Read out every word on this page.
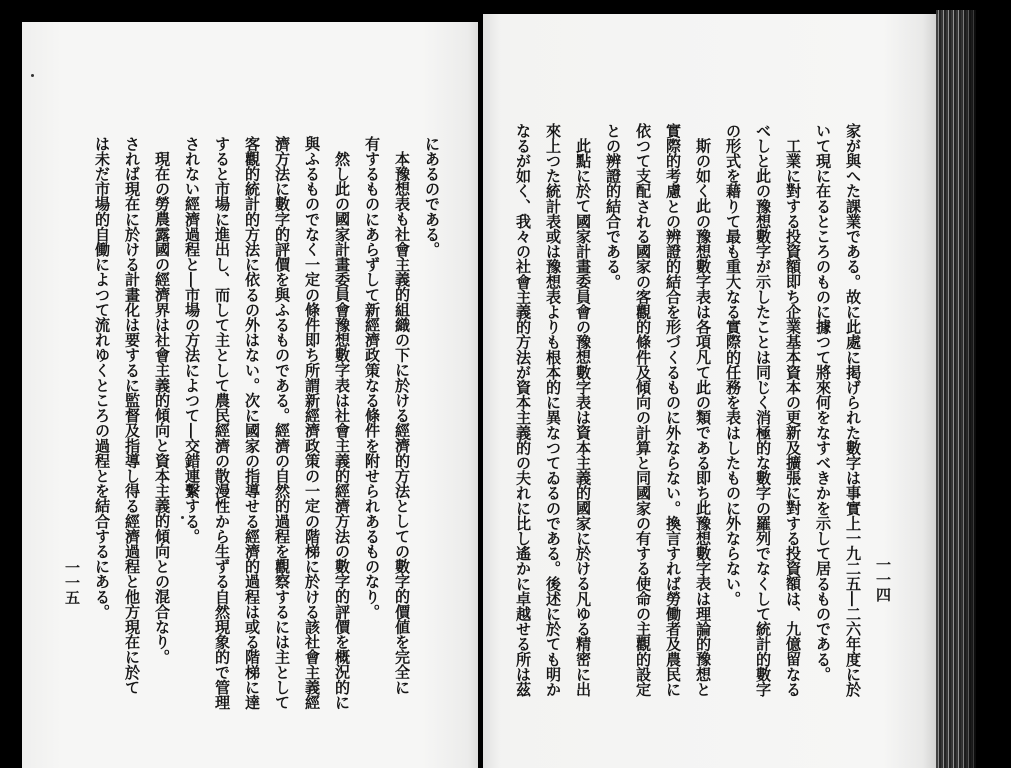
一一四
家が與へた課業である。故に此處に掲げられた數字は事實上一九二五―二六年度に於
いて現に在るところのものに據つて將來何をなすべきかを示して居るものである。
工業に對する投資額即ち企業基本資本の更新及擴張に對する投資額は、九億留なる
べしと此の豫想數字が示したことは同じく消極的な數字の羅列でなくして統計的數字
の形式を藉りて最も重大なる實際的任務を表はしたものに外ならない。
斯の如く此の豫想數字表は各項凡て此の類である即ち此豫想數字表は理論的豫想と
實際的考慮との辨證的結合を形づくるものに外ならない。換言すれば勞働者及農民に
依つて支配される國家の客觀的條件及傾向の計算と同國家の有する使命の主觀的設定
との辨證的結合である。
此點に於て國家計畫委員會の豫想數字表は資本主義的國家に於ける凡ゆる精密に出
來上つた統計表或は豫想表よりも根本的に異なつてゐるのである。後述に於ても明か
なるが如く、我々の社會主義的方法が資本主義的の夫れに比し遙かに卓越せる所は茲
にあるのである。
本豫想表も社會主義的組織の下に於ける經濟的方法としての數字的價値を完全に
有するものにあらずして新經濟政策なる條件を附せられあるものなり。
然し此の國家計畫委員會豫想數字表は社會主義的經濟方法の數字的評價を概況的に
與ふるものでなく一定の條件即ち所謂新經濟政策の一定の階梯に於ける該社會主義經
濟方法に數字的評價を與ふるものである。經濟の自然的過程を觀察するには主として
客觀的統計的方法に依るの外はない。次に國家の指導せる經濟的過程は或る階梯に達
すると市場に進出し、而して主として農民經濟の散漫性から生ずる自然現象的で管理
されない經濟過程と―市場の方法によつて―交錯連繫する。
現在の勞農露國の經濟界は社會主義的傾向と資本主義的傾向との混合なり。
されば現在に於ける計畫化は要するに監督及指導し得る經濟過程と他方現在に於て
は未だ市場的自働によつて流れゆくところの過程とを結合するにある。
一一五
